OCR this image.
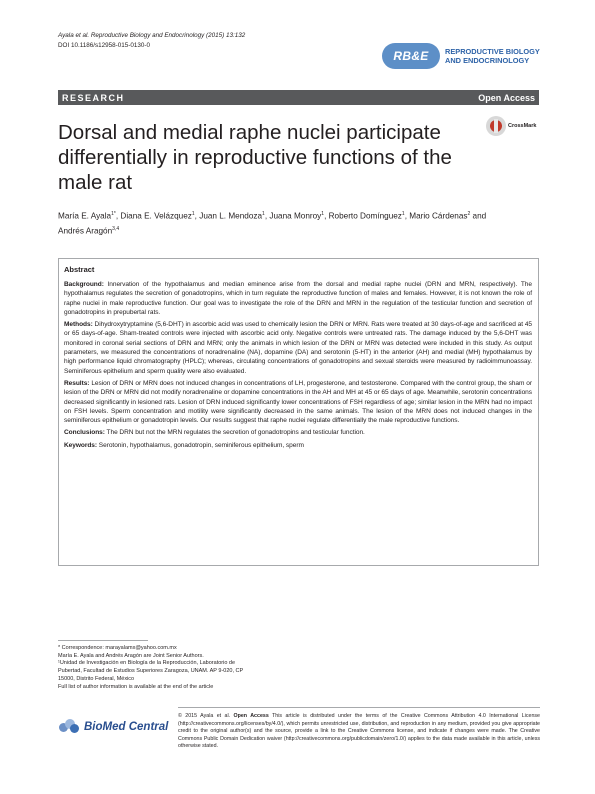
Ayala et al. Reproductive Biology and Endocrinology (2015) 13:132
DOI 10.1186/s12958-015-0130-0
RB&E	REPRODUCTIVE BIOLOGY
AND ENDOCRINOLOGY
RESEARCH	Open Access
Dorsal and medial raphe nuclei participate differentially in reproductive functions of the male rat
CrossMark
María E. Ayala$^{1*}$, Diana E. Velázquez$^1$, Juan L. Mendoza$^1$, Juana Monroy$^1$, Roberto Domínguez$^1$, Mario Cárdenas$^2$ and Andrés Aragón$^{3,4}$
Abstract

Background: Innervation of the hypothalamus and median eminence arise from the dorsal and medial raphe nuclei (DRN and MRN, respectively). The hypothalamus regulates the secretion of gonadotropins, which in turn regulate the reproductive function of males and females. However, it is not known the role of raphe nuclei in male reproductive function. Our goal was to investigate the role of the DRN and MRN in the regulation of the testicular function and secretion of gonadotropins in prepubertal rats.

Methods: Dihydroxytryptamine (5,6-DHT) in ascorbic acid was used to chemically lesion the DRN or MRN. Rats were treated at 30 days-of-age and sacrificed at 45 or 65 days-of-age. Sham-treated controls were injected with ascorbic acid only. Negative controls were untreated rats. The damage induced by the 5,6-DHT was monitored in coronal serial sections of DRN and MRN; only the animals in which lesion of the DRN or MRN was detected were included in this study. As output parameters, we measured the concentrations of noradrenaline (NA), dopamine (DA) and serotonin (5-HT) in the anterior (AH) and medial (MH) hypothalamus by high performance liquid chromatography (HPLC); whereas, circulating concentrations of gonadotropins and sexual steroids were measured by radioimmunoassay. Seminiferous epithelium and sperm quality were also evaluated.

Results: Lesion of DRN or MRN does not induced changes in concentrations of LH, progesterone, and testosterone. Compared with the control group, the sham or lesion of the DRN or MRN did not modify noradrenaline or dopamine concentrations in the AH and MH at 45 or 65 days of age. Meanwhile, serotonin concentrations decreased significantly in lesioned rats. Lesion of DRN induced significantly lower concentrations of FSH regardless of age; similar lesion in the MRN had no impact on FSH levels. Sperm concentration and motility were significantly decreased in the same animals. The lesion of the MRN does not induced changes in the seminiferous epithelium or gonadotropin levels. Our results suggest that raphe nuclei regulate differentially the male reproductive functions.

Conclusions: The DRN but not the MRN regulates the secretion of gonadotropins and testicular function.

Keywords: Serotonin, hypothalamus, gonadotropin, seminiferous epithelium, sperm

* Correspondence: marayalamx@yahoo.com.mx
María E. Ayala and Andrés Aragón are Joint Senior Authors.
¹Unidad de Investigación en Biología de la Reproducción, Laboratorio de
Pubertad, Facultad de Estudios Superiores Zaragoza, UNAM. AP 9-020, CP
15000, Distrito Federal, México
Full list of author information is available at the end of the article
BioMed Central
© 2015 Ayala et al. Open Access This article is distributed under the terms of the Creative Commons Attribution 4.0 International License (http://creativecommons.org/licenses/by/4.0/), which permits unrestricted use, distribution, and reproduction in any medium, provided you give appropriate credit to the original author(s) and the source, provide a link to the Creative Commons license, and indicate if changes were made. The Creative Commons Public Domain Dedication waiver (http://creativecommons.org/publicdomain/zero/1.0/) applies to the data made available in this article, unless otherwise stated.
